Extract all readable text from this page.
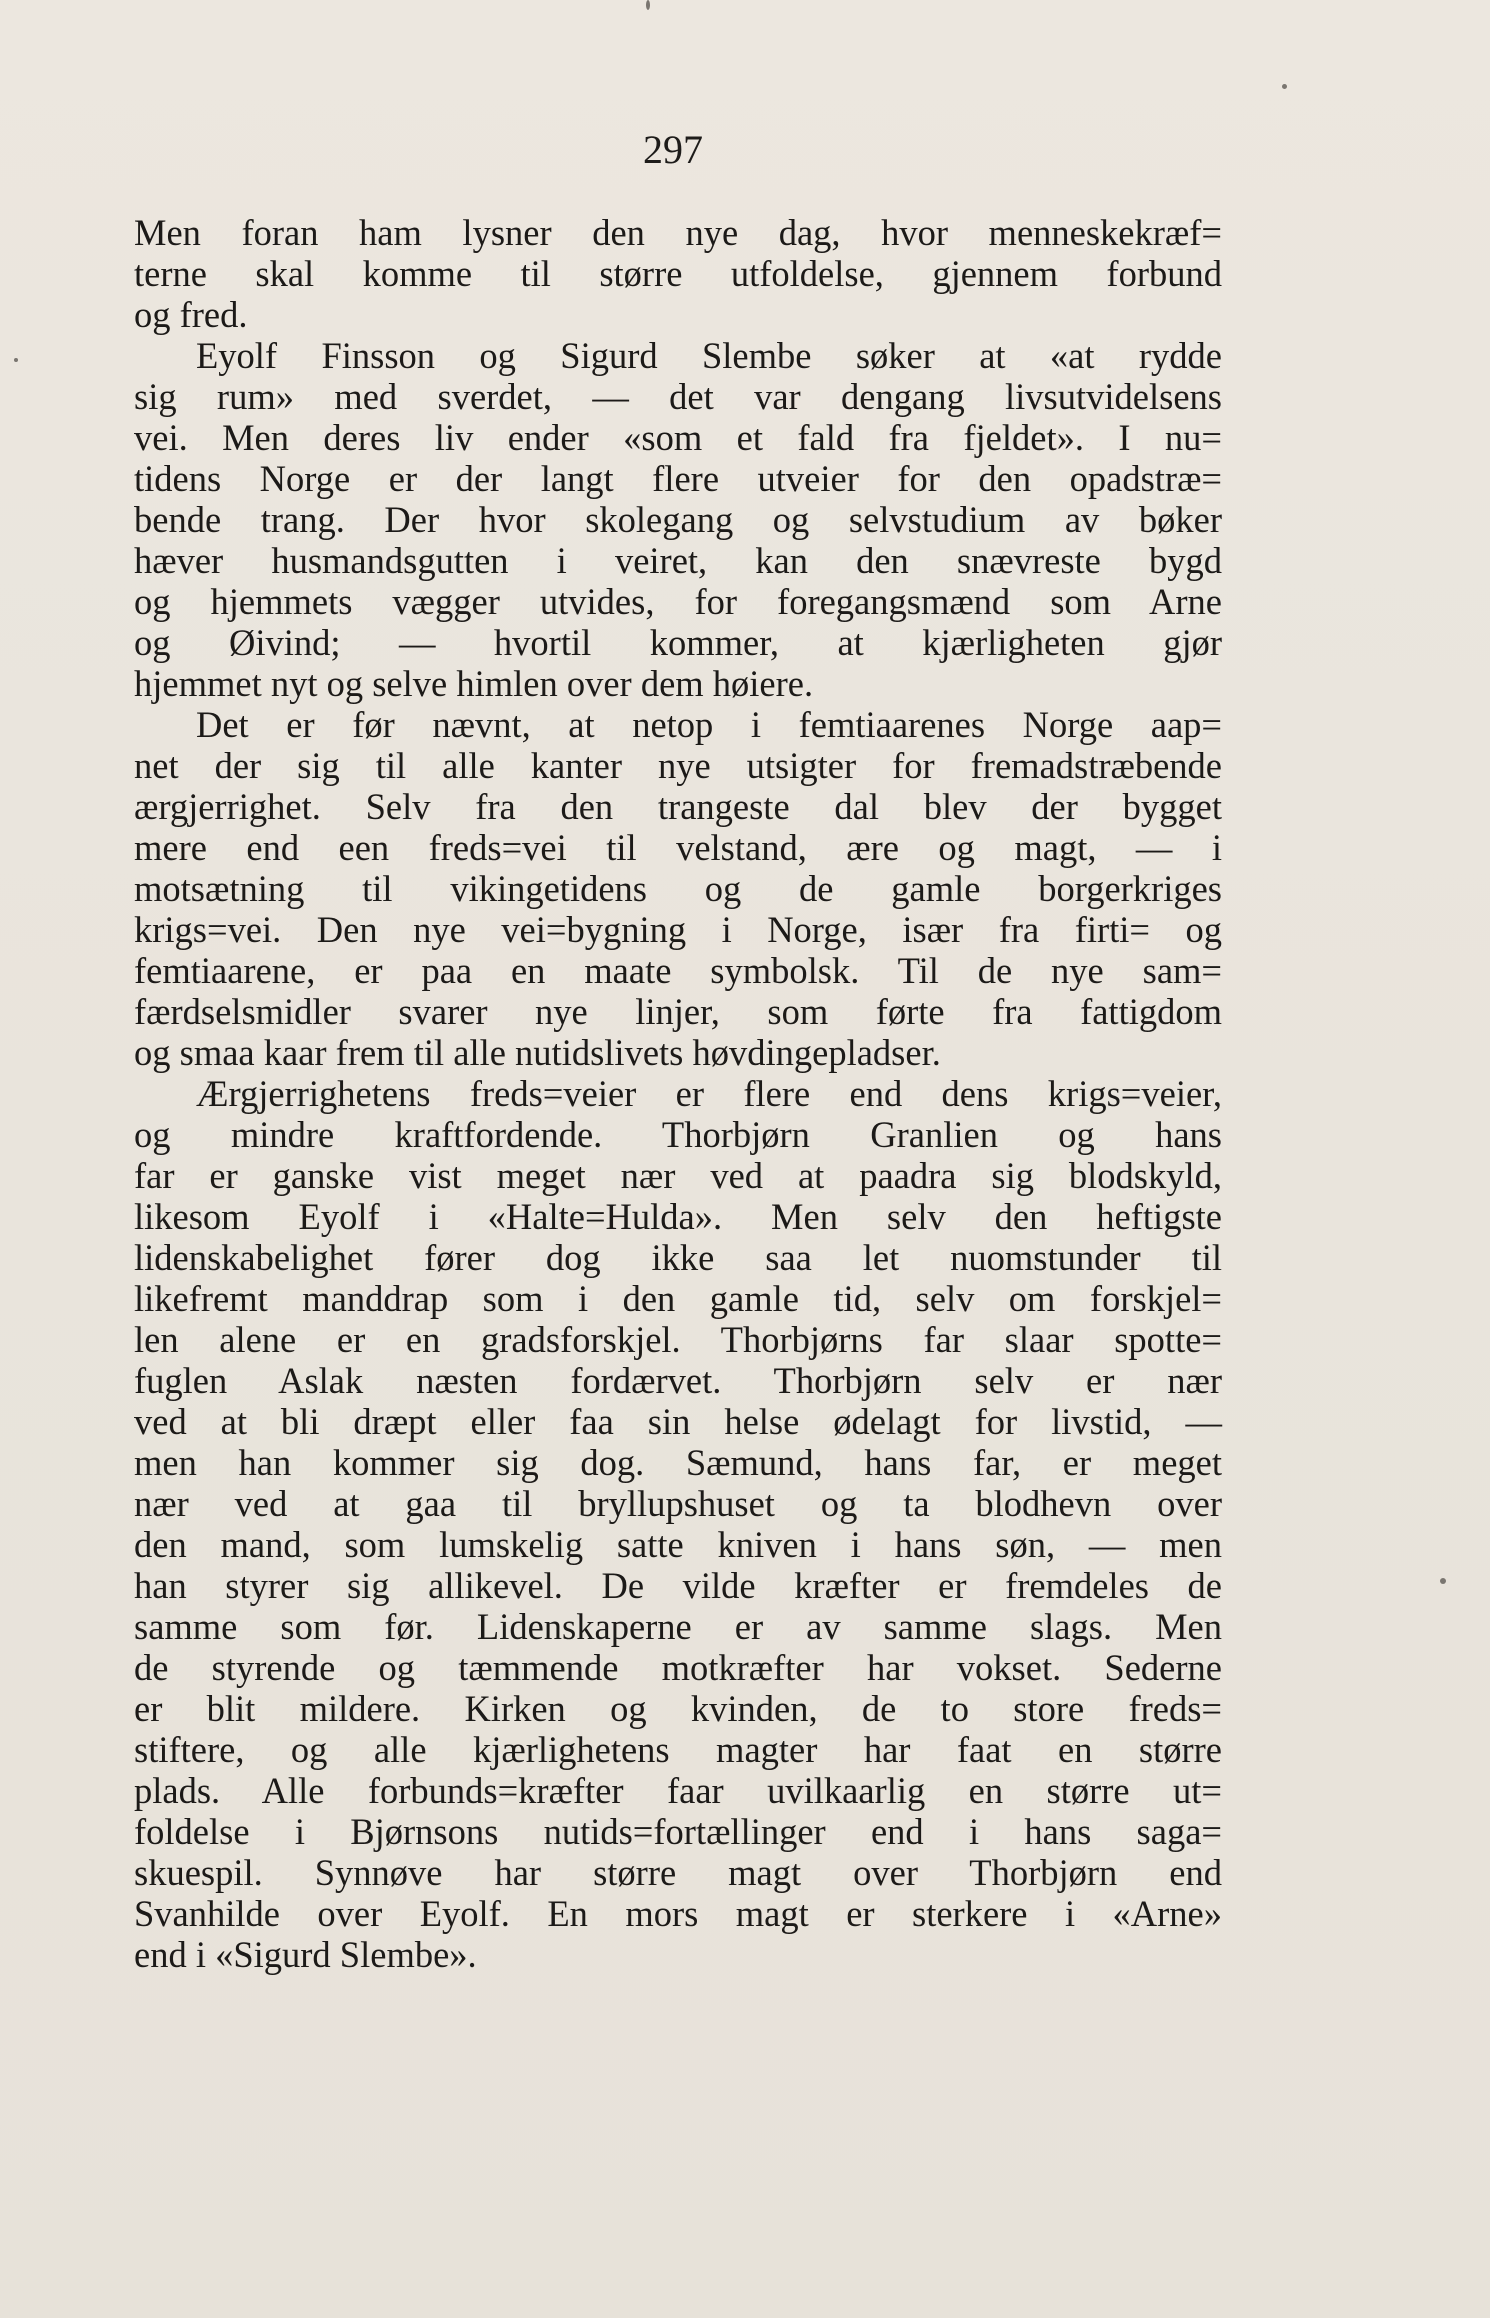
297
Men foran ham lysner den nye dag, hvor menneskekræf=
terne skal komme til større utfoldelse, gjennem forbund
og fred.
Eyolf Finsson og Sigurd Slembe søker at «at rydde
sig rum» med sverdet, — det var dengang livsutvidelsens
vei. Men deres liv ender «som et fald fra fjeldet». I nu=
tidens Norge er der langt flere utveier for den opadstræ=
bende trang. Der hvor skolegang og selvstudium av bøker
hæver husmandsgutten i veiret, kan den snævreste bygd
og hjemmets vægger utvides, for foregangsmænd som Arne
og Øivind; — hvortil kommer, at kjærligheten gjør
hjemmet nyt og selve himlen over dem høiere.
Det er før nævnt, at netop i femtiaarenes Norge aap=
net der sig til alle kanter nye utsigter for fremadstræbende
ærgjerrighet. Selv fra den trangeste dal blev der bygget
mere end een freds=vei til velstand, ære og magt, — i
motsætning til vikingetidens og de gamle borgerkriges
krigs=vei. Den nye vei=bygning i Norge, især fra firti= og
femtiaarene, er paa en maate symbolsk. Til de nye sam=
færdselsmidler svarer nye linjer, som førte fra fattigdom
og smaa kaar frem til alle nutidslivets høvdingepladser.
Ærgjerrighetens freds=veier er flere end dens krigs=veier,
og mindre kraftfordende. Thorbjørn Granlien og hans
far er ganske vist meget nær ved at paadra sig blodskyld,
likesom Eyolf i «Halte=Hulda». Men selv den heftigste
lidenskabelighet fører dog ikke saa let nuomstunder til
likefremt manddrap som i den gamle tid, selv om forskjel=
len alene er en gradsforskjel. Thorbjørns far slaar spotte=
fuglen Aslak næsten fordærvet. Thorbjørn selv er nær
ved at bli dræpt eller faa sin helse ødelagt for livstid, —
men han kommer sig dog. Sæmund, hans far, er meget
nær ved at gaa til bryllupshuset og ta blodhevn over
den mand, som lumskelig satte kniven i hans søn, — men
han styrer sig allikevel. De vilde kræfter er fremdeles de
samme som før. Lidenskaperne er av samme slags. Men
de styrende og tæmmende motkræfter har vokset. Sederne
er blit mildere. Kirken og kvinden, de to store freds=
stiftere, og alle kjærlighetens magter har faat en større
plads. Alle forbunds=kræfter faar uvilkaarlig en større ut=
foldelse i Bjørnsons nutids=fortællinger end i hans saga=
skuespil. Synnøve har større magt over Thorbjørn end
Svanhilde over Eyolf. En mors magt er sterkere i «Arne»
end i «Sigurd Slembe».
